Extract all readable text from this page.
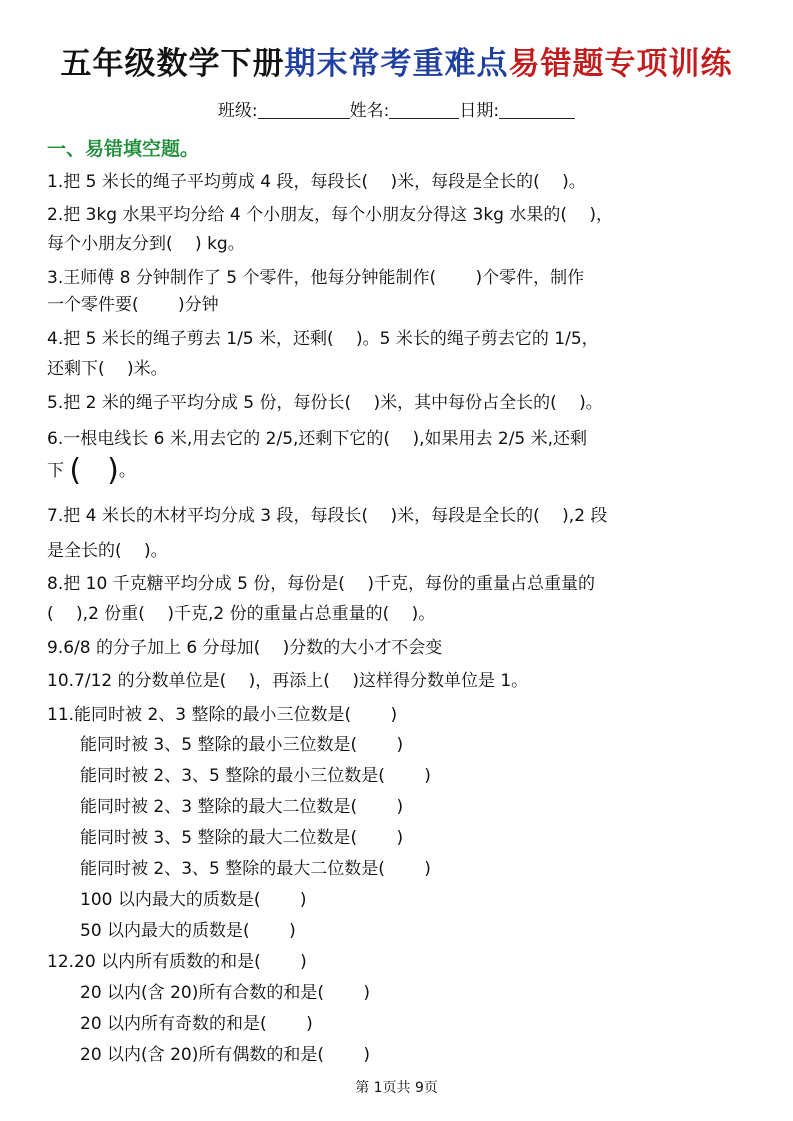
五年级数学下册期末常考重难点易错题专项训练
班级:	姓名:	日期:
一、易错填空题。
1.把 5 米长的绳子平均剪成 4 段，每段长(　 )米，每段是全长的(　 )。
2.把 3kg 水果平均分给 4 个小朋友，每个小朋友分得这 3kg 水果的(　 )，
每个小朋友分到(　 ) kg。
3.王师傅 8 分钟制作了 5 个零件，他每分钟能制作(　　 )个零件，制作
一个零件要(　　 )分钟
4.把 5 米长的绳子剪去 1/5 米，还剩(　 )。5 米长的绳子剪去它的 1/5，
还剩下(　 )米。
5.把 2 米的绳子平均分成 5 份，每份长(　 )米，其中每份占全长的(　 )。
6.一根电线长 6 米,用去它的 2/5,还剩下它的(　 ),如果用去 2/5 米,还剩
下 ( )。
7.把 4 米长的木材平均分成 3 段，每段长(　 )米，每段是全长的(　 ),2 段
是全长的(　 )。
8.把 10 千克糖平均分成 5 份，每份是(　 )千克，每份的重量占总重量的
(　 ),2 份重(　 )千克,2 份的重量占总重量的(　 )。
9.6/8 的分子加上 6 分母加(　 )分数的大小才不会变
10.7/12 的分数单位是(　 )，再添上(　 )这样得分数单位是 1。
11.能同时被 2、3 整除的最小三位数是(　　 )
能同时被 3、5 整除的最小三位数是(　　 )
能同时被 2、3、5 整除的最小三位数是(　　 )
能同时被 2、3 整除的最大二位数是(　　 )
能同时被 3、5 整除的最大二位数是(　　 )
能同时被 2、3、5 整除的最大二位数是(　　 )
100 以内最大的质数是(　　 )
50 以内最大的质数是(　　 )
12.20 以内所有质数的和是(　　 )
20 以内(含 20)所有合数的和是(　　 )
20 以内所有奇数的和是(　　 )
20 以内(含 20)所有偶数的和是(　　 )
第 1页共 9页
